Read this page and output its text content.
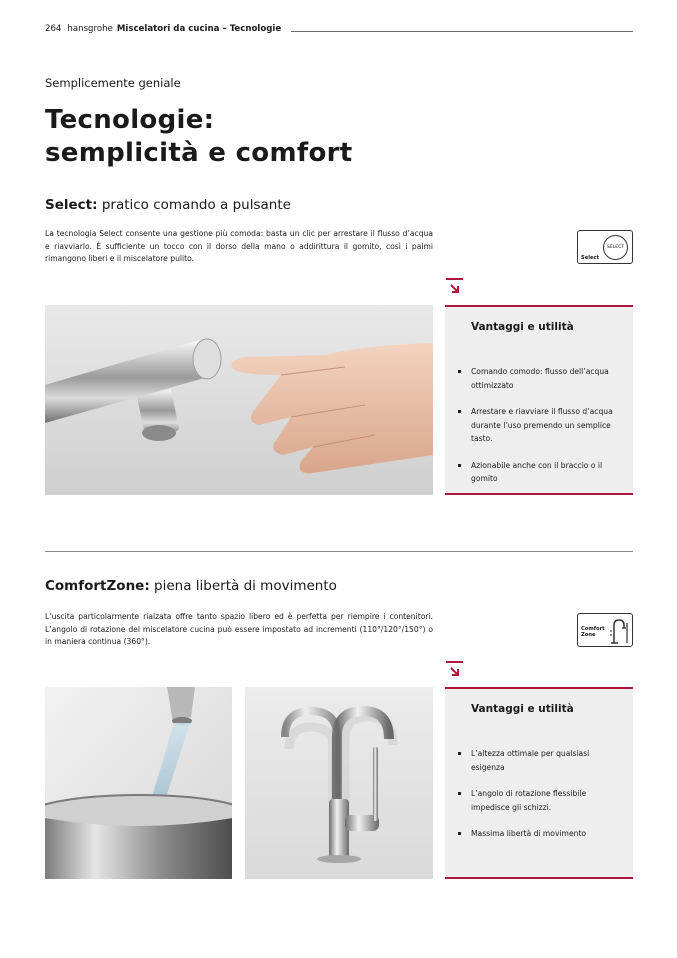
264 hansgrohe Miscelatori da cucina – Tecnologie
Semplicemente geniale
Tecnologie:
semplicità e comfort
Select: pratico comando a pulsante

La tecnologia Select consente una gestione più comoda: basta un clic per arrestare il flusso d’acqua e riavviarlo. È sufficiente un tocco con il dorso della mano o addirittura il gomito, così i palmi rimangono liberi e il miscelatore pulito.

SELECT
Select
Vantaggi e utilità
Comando comodo: flusso dell’acqua ottimizzato
Arrestare e riavviare il flusso d’acqua durante l’uso premendo un semplice tasto.
Azionabile anche con il braccio o il gomito
ComfortZone: piena libertà di movimento

L’uscita particolarmente rialzata offre tanto spazio libero ed è perfetta per riempire i contenitori. L’angolo di rotazione del miscelatore cucina può essere impostato ad incrementi (110°/120°/150°) o in maniera continua (360°).

Comfort
Zone
Vantaggi e utilità
L’altezza ottimale per qualsiasi esigenza
L’angolo di rotazione flessibile impedisce gli schizzi.
Massima libertà di movimento
